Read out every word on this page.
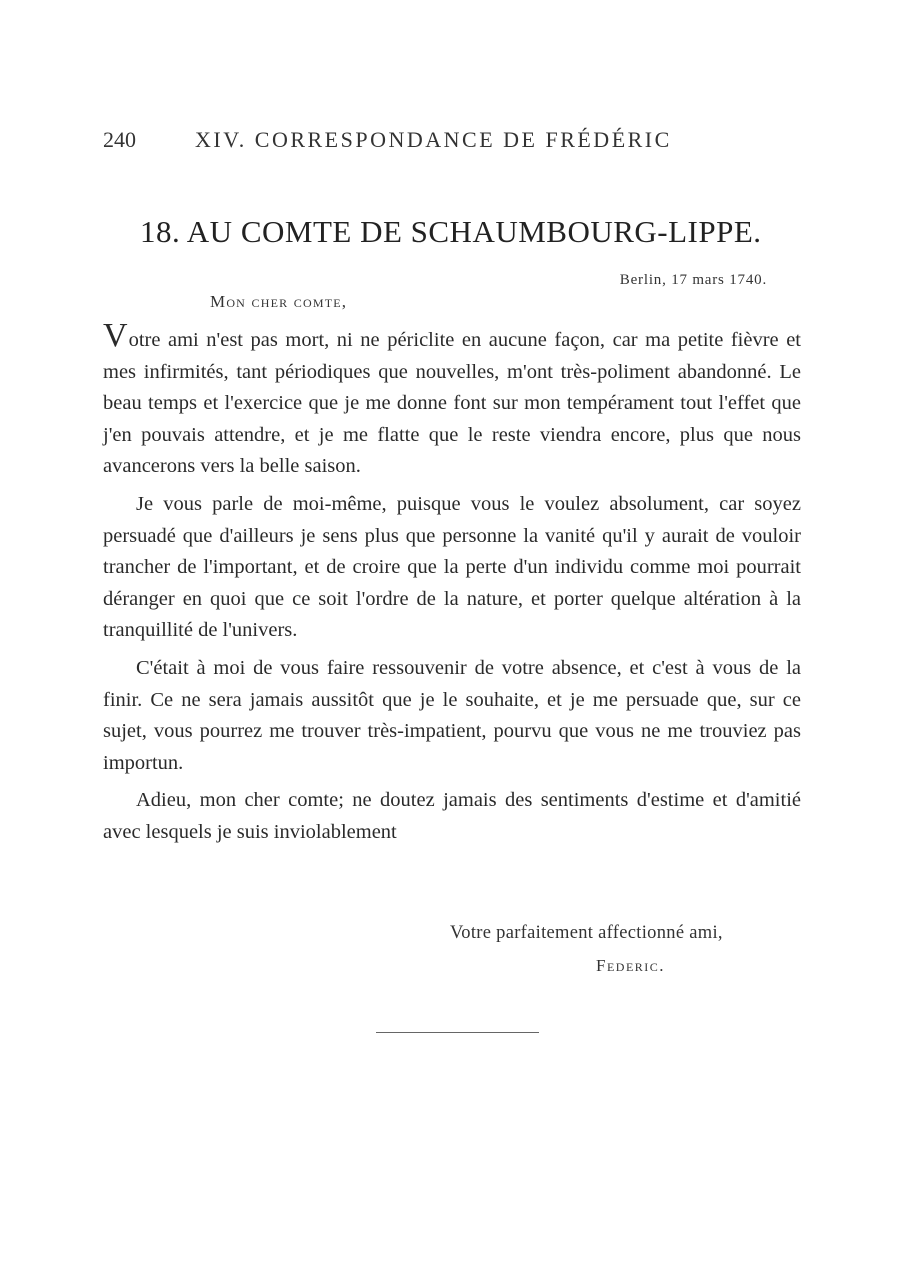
240	XIV. CORRESPONDANCE DE FRÉDÉRIC
18. AU COMTE DE SCHAUMBOURG-LIPPE.
Berlin, 17 mars 1740.
Mon cher comte,

Votre ami n'est pas mort, ni ne périclite en aucune façon, car ma petite fièvre et mes infirmités, tant périodiques que nouvelles, m'ont très-poliment abandonné. Le beau temps et l'exercice que je me donne font sur mon tempérament tout l'effet que j'en pouvais attendre, et je me flatte que le reste viendra encore, plus que nous avancerons vers la belle saison.

Je vous parle de moi-même, puisque vous le voulez absolument, car soyez persuadé que d'ailleurs je sens plus que personne la vanité qu'il y aurait de vouloir trancher de l'important, et de croire que la perte d'un individu comme moi pourrait déranger en quoi que ce soit l'ordre de la nature, et porter quelque altération à la tranquillité de l'univers.

C'était à moi de vous faire ressouvenir de votre absence, et c'est à vous de la finir. Ce ne sera jamais aussitôt que je le souhaite, et je me persuade que, sur ce sujet, vous pourrez me trouver très-impatient, pourvu que vous ne me trouviez pas importun.

Adieu, mon cher comte; ne doutez jamais des sentiments d'estime et d'amitié avec lesquels je suis inviolablement

Votre parfaitement affectionné ami,
Federic.
